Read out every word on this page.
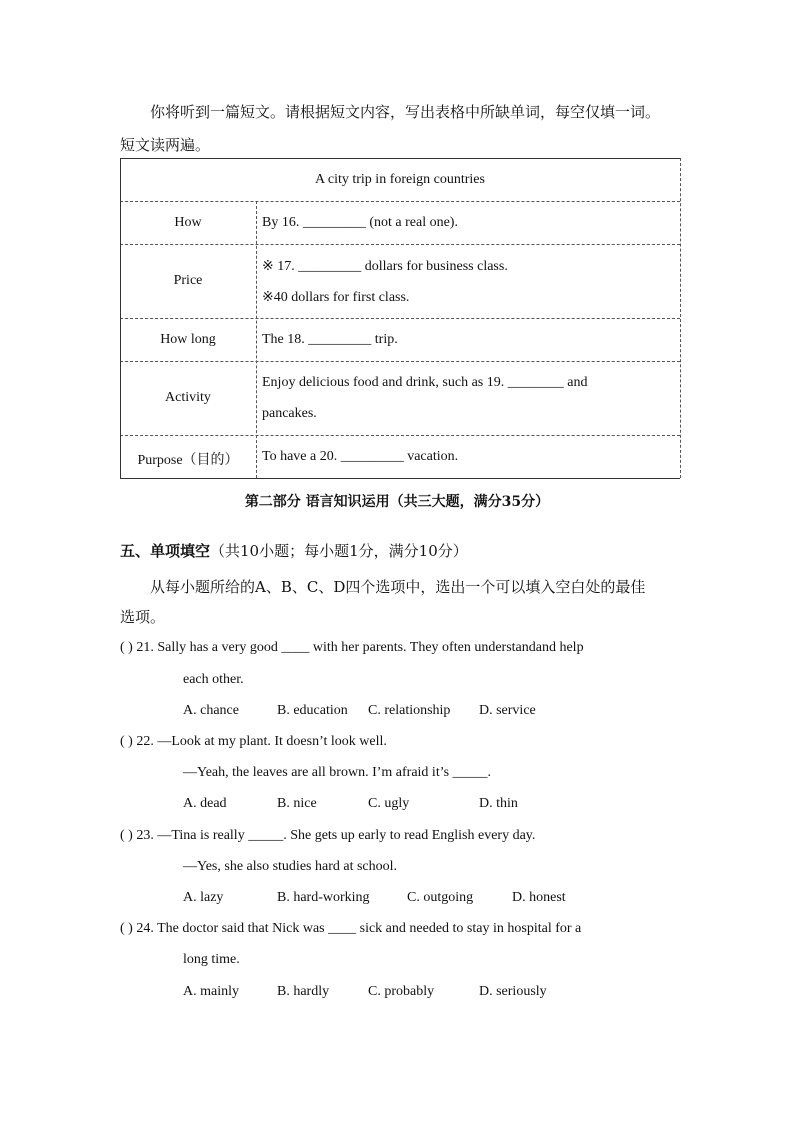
你将听到一篇短文。请根据短文内容，写出表格中所缺单词，每空仅填一词。
短文读两遍。
A city trip in foreign countries
How	By 16. _________ (not a real one).
Price
※ 17. _________ dollars for business class.
※40 dollars for first class.
How long	The 18. _________ trip.
Activity
Enjoy delicious food and drink, such as 19. ________ and
pancakes.
Purpose（目的）	To have a 20. _________ vacation.
第二部分 语言知识运用（共三大题，满分35分）
五、单项填空（共10小题；每小题1分，满分10分）
从每小题所给的A、B、C、D四个选项中，选出一个可以填入空白处的最佳
选项。
( ) 21. Sally has a very good ____ with her parents. They often understandand help
each other.
A. chance	B. education C. relationship D. service
( ) 22. —Look at my plant. It doesn’t look well.
—Yeah, the leaves are all brown. I’m afraid it’s _____.
A. dead	B. nice	C. ugly	D. thin
( ) 23. —Tina is really _____. She gets up early to read English every day.
—Yes, she also studies hard at school.
A. lazy	B. hard-working	C. outgoing	D. honest
( ) 24. The doctor said that Nick was ____ sick and needed to stay in hospital for a
long time.
A. mainly	B. hardly	C. probably	D. seriously
